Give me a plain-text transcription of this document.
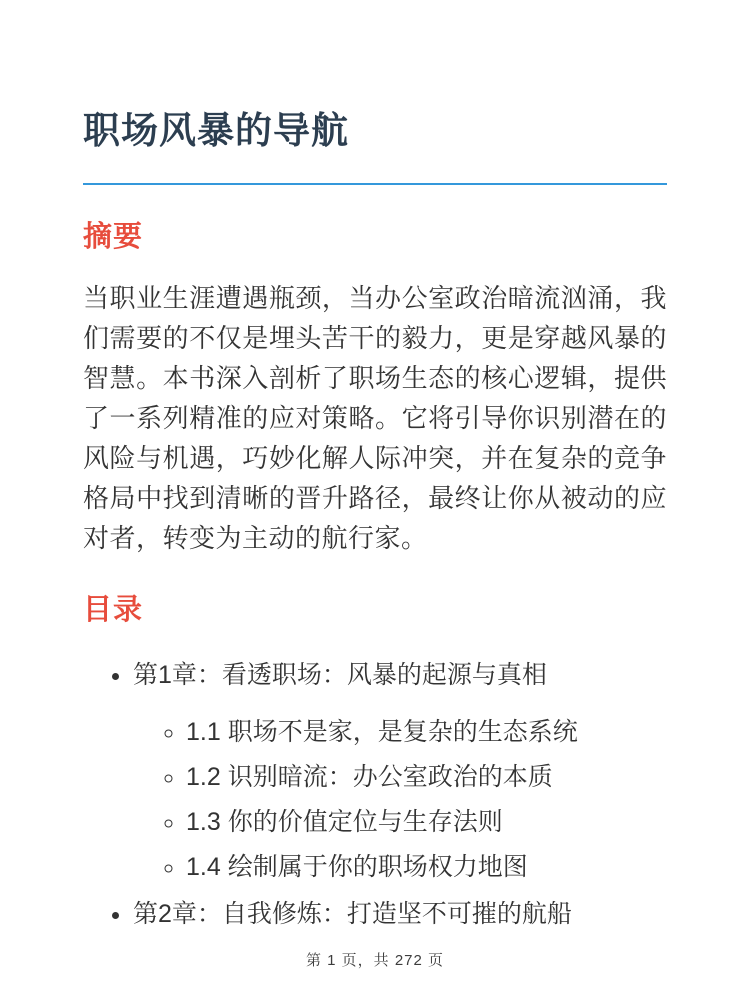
职场风暴的导航
摘要

当职业生涯遭遇瓶颈，当办公室政治暗流汹涌，我们需要的不仅是埋头苦干的毅力，更是穿越风暴的智慧。本书深入剖析了职场生态的核心逻辑，提供了一系列精准的应对策略。它将引导你识别潜在的风险与机遇，巧妙化解人际冲突，并在复杂的竞争格局中找到清晰的晋升路径，最终让你从被动的应对者，转变为主动的航行家。

目录
• 第1章：看透职场：风暴的起源与真相
◦ 1.1 职场不是家，是复杂的生态系统
◦ 1.2 识别暗流：办公室政治的本质
◦ 1.3 你的价值定位与生存法则
◦ 1.4 绘制属于你的职场权力地图
• 第2章：自我修炼：打造坚不可摧的航船
第 1 页，共 272 页
